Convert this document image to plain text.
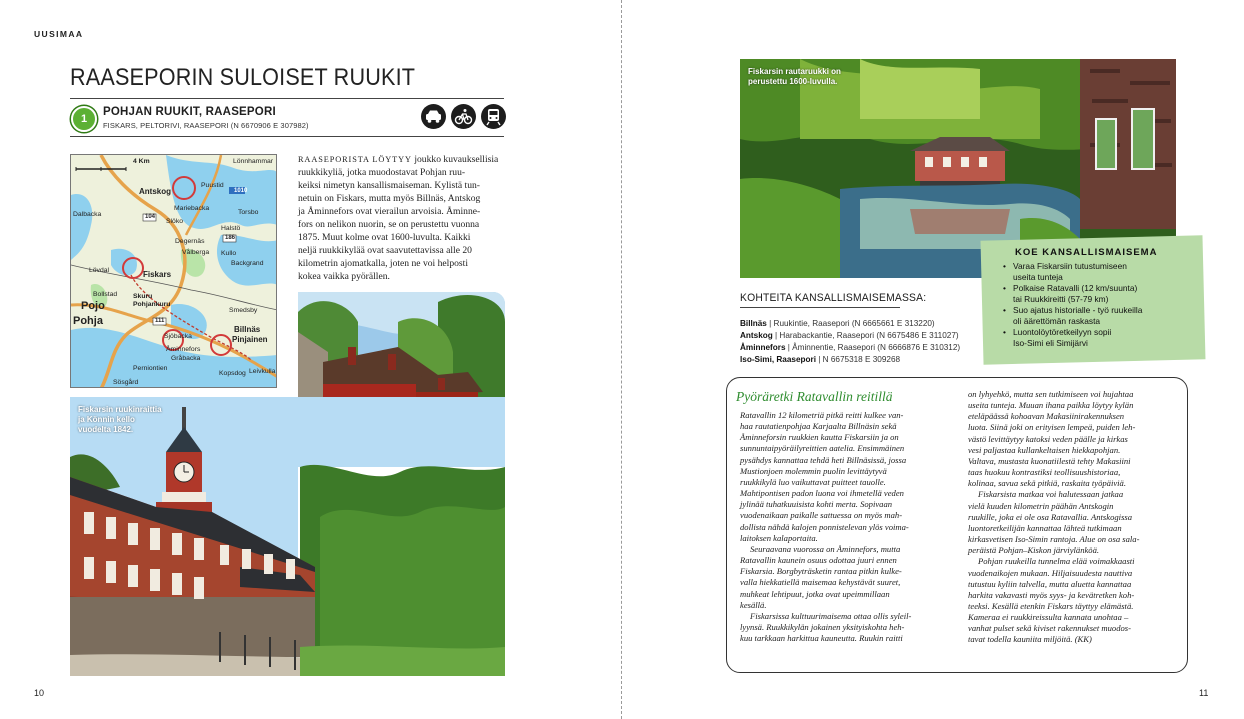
UUSIMAA
10
RAASEPORIN SULOISET RUUKIT
1
POHJAN RUUKIT, RAASEPORI
FISKARS, PELTORIVI, RAASEPORI (N 6670906 E 307982)
4 Km	Lönnhammar
Antskog
Puustid
Mariebacka
Dalbacka
Slöko
Torsbo
Degernäs
Vålberga
Halstö
Kullo
Backgrand
Lövdal	Fiskars
Skuru
Pohjankuru
Bollstad
Pojo
Pohja
Smedsby
Billnäs
Pinjainen
Sjöbacka
Kopsdog
Perniontien	Leivkulla
Sösgård
Gråbacka
Åminnefors
1010
104
186
111
RAASEPORISTA LÖYTYY joukko kuvauksellisia
ruukkikyliä, jotka muodostavat Pohjan ruu-
keiksi nimetyn kansallismaiseman. Kylistä tun-
netuin on Fiskars, mutta myös Billnäs, Antskog
ja Åminnefors ovat vierailun arvoisia. Åminne-
fors on nelikon nuorin, se on perustettu vuonna
1875. Muut kolme ovat 1600-luvulta. Kaikki
neljä ruukkikylää ovat saavutettavissa alle 20
kilometrin ajomatkalla, joten ne voi helposti
kokea vaikka pyörällen.
Fiskarsin ruukinraittia
ja Könnin kello
vuodelta 1842.
11
Fiskarsin rautaruukki on
perustettu 1600-luvulla.
KOE KANSALLISMAISEMA
• Varaa Fiskarsiin tutustumiseen
useita tunteja
• Polkaise Ratavalli (12 km/suunta)
tai Ruukkireitti (57-79 km)
• Suo ajatus historialle - työ ruukeilla
oli äärettömän raskasta
• Luontolöytöretkeilyyn sopii
Iso-Simi eli Simijärvi
KOHTEITA KANSALLISMAISEMASSA:
Billnäs | Ruukintie, Raasepori (N 6665661 E 313220)
Antskog | Harabackantie, Raasepori (N 6675486 E 311027)
Åminnefors | Åminnentie, Raasepori (N 6666876 E 310312)
Iso-Simi, Raasepori | N 6675318 E 309268
Pyöräretki Ratavallin reitillä

Ratavallin 12 kilometriä pitkä reitti kulkee van-
haa rautatienpohjaa Karjaalta Billnäsin sekä
Åminneforsin ruukkien kautta Fiskarsiin ja on
sunnuntaipyöräilyreittien aatelia. Ensimmäinen
pysähdys kannattaa tehdä heti Billnäsissä, jossa
Mustionjoen molemmin puolin levittäytyvä
ruukkikylä luo vaikuttavat puitteet tauolle.
Mahtipontisen padon luona voi ihmetellä veden
jylinää tuhatkuuisista kohti merta. Sopivaan
vuodenaikaan paikalle sattuessa on myös mah-
dollista nähdä kalojen ponnistelevan ylös voima-
laitoksen kalaportaita.

Seuraavana vuorossa on Åminnefors, mutta
Ratavallin kaunein osuus odottaa juuri ennen
Fiskarsia. Borgbyträsketin rantaa pitkin kulke-
valla hiekkatiellä maisemaa kehystävät suuret,
muhkeat lehtipuut, jotka ovat upeimmillaan
kesällä.

Fiskarsissa kulttuurimaisema ottaa ollis syleil-
lyynsä. Ruukkikylän jokainen yksityiskohta heh-
kuu tarkkaan harkittua kauneutta. Ruukin raitti

on lyhyehkö, mutta sen tutkimiseen voi hujahtaa
useita tunteja. Muuan ihana paikka löytyy kylän
eteläpäässä kohoavan Makasiinirakennuksen
luota. Siinä joki on erityisen lempeä, puiden leh-
västö levittäytyy katoksi veden päälle ja kirkas
vesi paljastaa kullankeltaisen hiekkapohjan.
Valtava, mustasta kuonatiilestä tehty Makasiini
taas huokuu kontrastiksi teollisuushistoriaa,
kolinaa, savua sekä pitkiä, raskaita työpäiviä.

Fiskarsista matkaa voi halutessaan jatkaa
vielä kuuden kilometrin päähän Antskogin
ruukille, joka ei ole osa Ratavallia. Antskogissa
luontoretkeilijän kannattaa lähteä tutkimaan
kirkasvetisen Iso-Simin rantoja. Alue on osa sala-
peräistä Pohjan–Kiskon järviylänköä.

Pohjan ruukeilla tunnelma elää voimakkaasti
vuodenaikojen mukaan. Hiljaisuudesta nauttiva
tutustuu kyliin talvella, mutta aluetta kannattaa
harkita vakavasti myös syys- ja kevätretken koh-
teeksi. Kesällä etenkin Fiskars täyttyy elämästä.
Kameraa ei ruukkireissulta kannata unohtaa –
vanhat pulset sekä kiviset rakennukset muodos-
tavat todella kauniita miljöitä. (KK)
